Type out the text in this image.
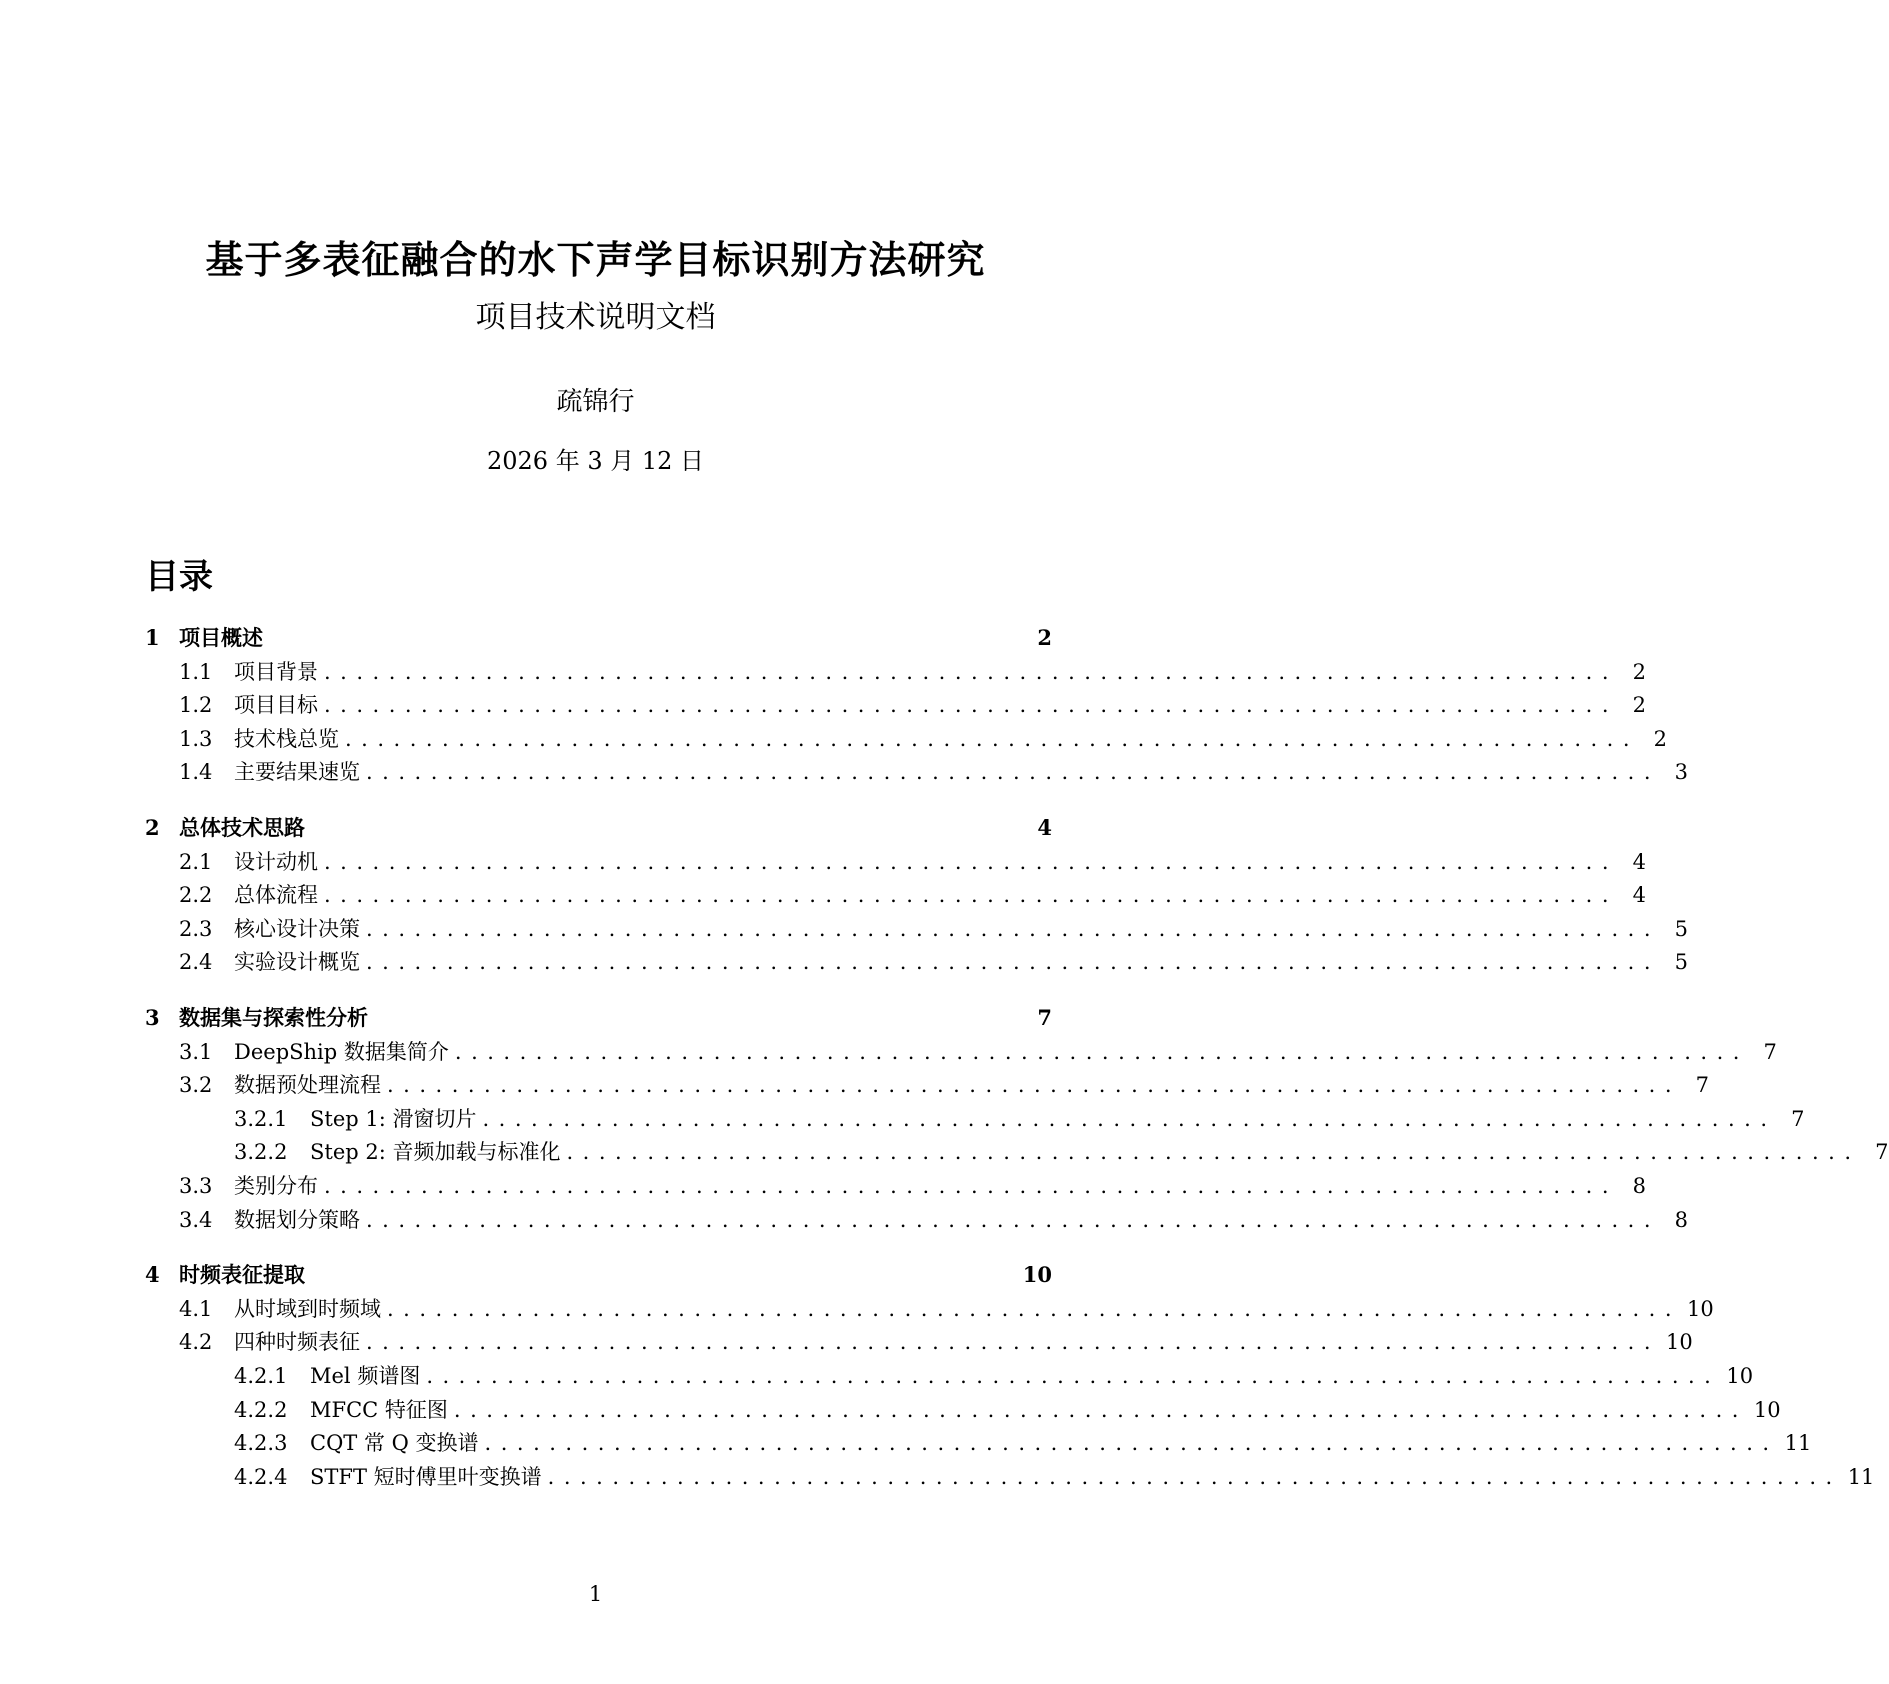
基于多表征融合的水下声学目标识别方法研究
项目技术说明文档
疏锦行
2026 年 3 月 12 日
目录
1 项目概述	2
1.1	项目背景 ................................................................................ 2
1.2	项目目标 ................................................................................ 2
1.3	技术栈总览 ................................................................................ 2
1.4	主要结果速览 ................................................................................ 3
2 总体技术思路	4
2.1	设计动机 ................................................................................ 4
2.2	总体流程 ................................................................................ 4
2.3	核心设计决策 ................................................................................ 5
2.4	实验设计概览 ................................................................................ 5
3 数据集与探索性分析	7
3.1	DeepShip 数据集简介 ................................................................................ 7
3.2	数据预处理流程 ................................................................................ 7
3.2.1	Step 1: 滑窗切片 ................................................................................ 7
3.2.2	Step 2: 音频加载与标准化 ................................................................................ 7
3.3	类别分布 ................................................................................ 8
3.4	数据划分策略 ................................................................................ 8
4 时频表征提取	10
4.1	从时域到时频域 ................................................................................ 10
4.2	四种时频表征 ................................................................................ 10
4.2.1	Mel 频谱图 ................................................................................ 10
4.2.2	MFCC 特征图 ................................................................................ 10
4.2.3	CQT 常 Q 变换谱 ................................................................................ 11
4.2.4	STFT 短时傅里叶变换谱 ................................................................................ 11
1
